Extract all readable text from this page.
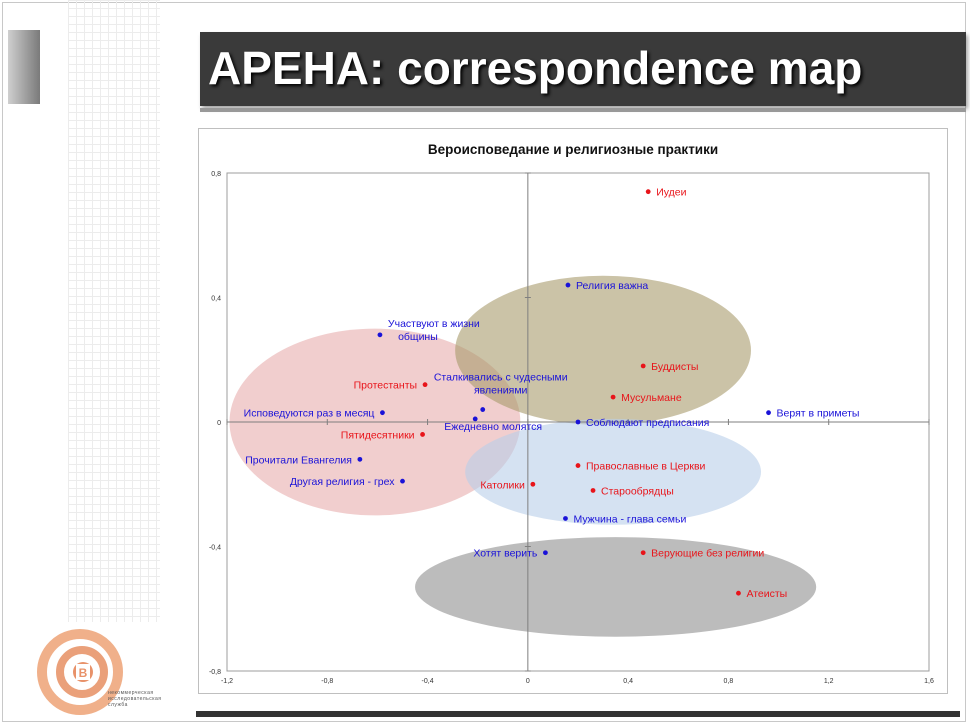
APEHA: correspondence map
Вероисповедание и религиозные практики
-1,2	-0,8	-0,4	0	0,4	0,8	1,2	1,6
-0,8
-0,4
0
0,4
0,8
Иудеи
Буддисты
Мусульмане
Протестанты
Пятидесятники
Православные в Церкви
Католики
Старообрядцы
Верующие без религии
Атеисты
Религия важна
Сталкивались с чудесными
явлениями
Верят в приметы
Участвуют в жизни
общины
Исповедуются раз в месяц
Ежедневно молятся	Соблюдают предписания
Прочитали Евангелия
Другая религия - грех
Мужчина - глава семьи
Хотят верить
В
некоммерческая
исследовательская
служба
